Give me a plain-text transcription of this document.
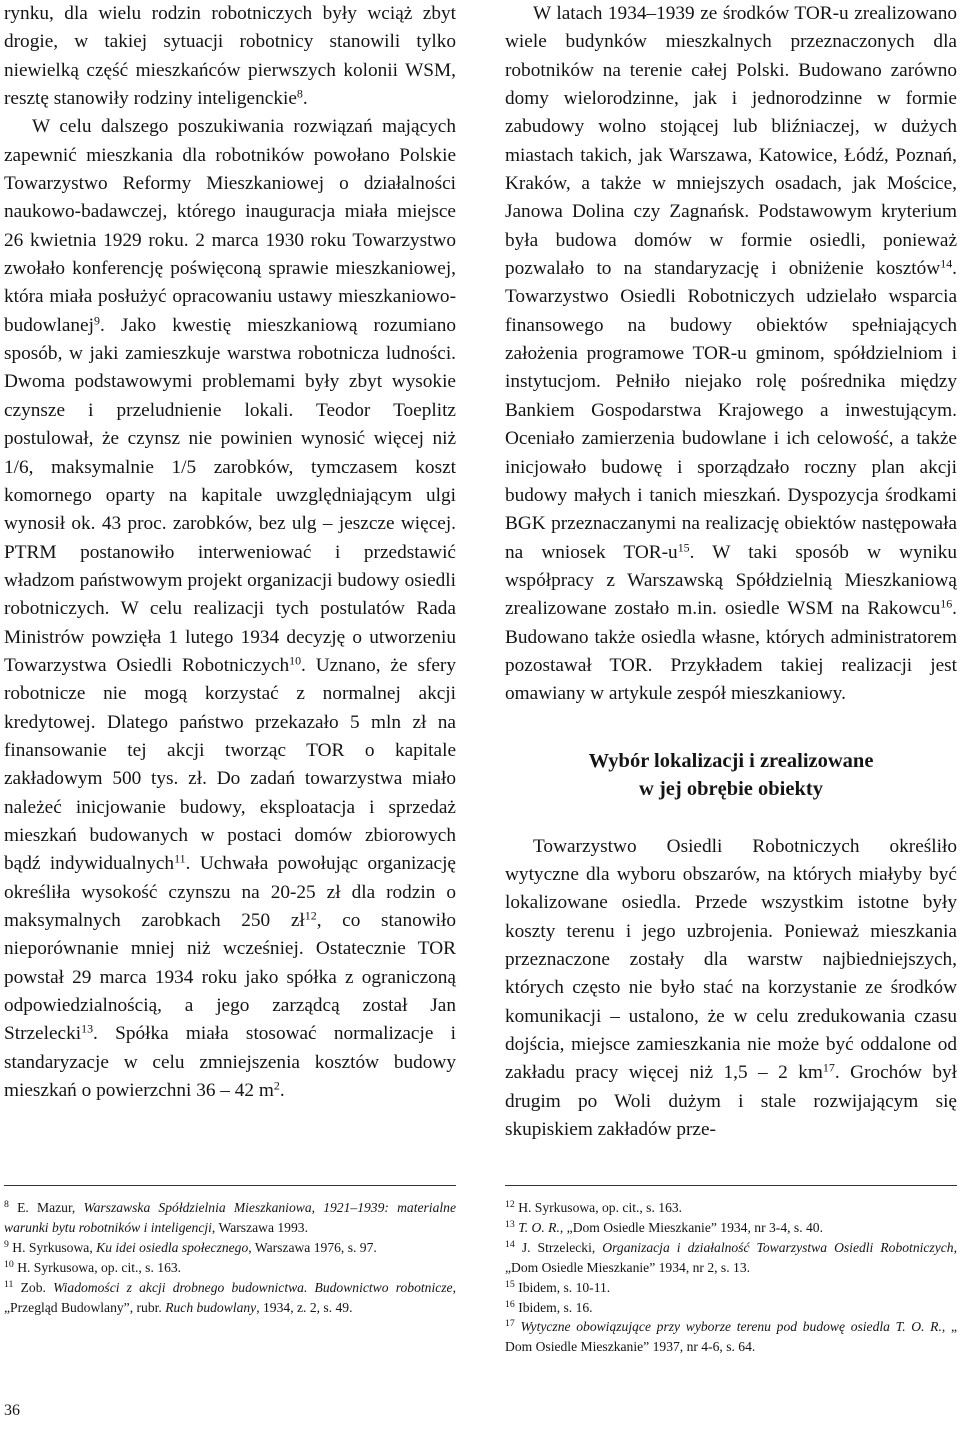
rynku, dla wielu rodzin robotniczych były wciąż zbyt drogie, w takiej sytuacji robotnicy stanowili tylko niewielką część mieszkańców pierwszych kolonii WSM, resztę stanowiły rodziny inteligenckie$^8$.

W celu dalszego poszukiwania rozwiązań mających zapewnić mieszkania dla robotników powołano Polskie Towarzystwo Reformy Mieszkaniowej o działalności naukowo-badawczej, którego inauguracja miała miejsce 26 kwietnia 1929 roku. 2 marca 1930 roku Towarzystwo zwołało konferencję poświęconą sprawie mieszkaniowej, która miała posłużyć opracowaniu ustawy mieszkaniowo-budowlanej$^9$. Jako kwestię mieszkaniową rozumiano sposób, w jaki zamieszkuje warstwa robotnicza ludności. Dwoma podstawowymi problemami były zbyt wysokie czynsze i przeludnienie lokali. Teodor Toeplitz postulował, że czynsz nie powinien wynosić więcej niż 1/6, maksymalnie 1/5 zarobków, tymczasem koszt komornego oparty na kapitale uwzględniającym ulgi wynosił ok. 43 proc. zarobków, bez ulg – jeszcze więcej. PTRM postanowiło interweniować i przedstawić władzom państwowym projekt organizacji budowy osiedli robotniczych. W celu realizacji tych postulatów Rada Ministrów powzięła 1 lutego 1934 decyzję o utworzeniu Towarzystwa Osiedli Robotniczych$^{10}$. Uznano, że sfery robotnicze nie mogą korzystać z normalnej akcji kredytowej. Dlatego państwo przekazało 5 mln zł na finansowanie tej akcji tworząc TOR o kapitale zakładowym 500 tys. zł. Do zadań towarzystwa miało należeć inicjowanie budowy, eksploatacja i sprzedaż mieszkań budowanych w postaci domów zbiorowych bądź indywidualnych$^{11}$. Uchwała powołując organizację określiła wysokość czynszu na 20-25 zł dla rodzin o maksymalnych zarobkach 250 $zł^{12}$, co stanowiło nieporównanie mniej niż wcześniej. Ostatecznie TOR powstał 29 marca 1934 roku jako spółka z ograniczoną odpowiedzialnością, a jego zarządcą został Jan Strzelecki$^{13}$. Spółka miała stosować normalizacje i standaryzacje w celu zmniejszenia kosztów budowy mieszkań o powierzchni 36 – 42 $m^2$.

W latach 1934–1939 ze środków TOR-u zrealizowano wiele budynków mieszkalnych przeznaczonych dla robotników na terenie całej Polski. Budowano zarówno domy wielorodzinne, jak i jednorodzinne w formie zabudowy wolno stojącej lub bliźniaczej, w dużych miastach takich, jak Warszawa, Katowice, Łódź, Poznań, Kraków, a także w mniejszych osadach, jak Mościce, Janowa Dolina czy Zagnańsk. Podstawowym kryterium była budowa domów w formie osiedli, ponieważ pozwalało to na standaryzację i obniżenie kosztów$^{14}$. Towarzystwo Osiedli Robotniczych udzielało wsparcia finansowego na budowy obiektów spełniających założenia programowe TOR-u gminom, spółdzielniom i instytucjom. Pełniło niejako rolę pośrednika między Bankiem Gospodarstwa Krajowego a inwestującym. Oceniało zamierzenia budowlane i ich celowość, a także inicjowało budowę i sporządzało roczny plan akcji budowy małych i tanich mieszkań. Dyspozycja środkami BGK przeznaczanymi na realizację obiektów następowała na wniosek TOR-$u^{15}$. W taki sposób w wyniku współpracy z Warszawską Spółdzielnią Mieszkaniową zrealizowane zostało m.in. osiedle WSM na Rakowcu$^{16}$. Budowano także osiedla własne, których administratorem pozostawał TOR. Przykładem takiej realizacji jest omawiany w artykule zespół mieszkaniowy.

Wybór lokalizacji i zrealizowane
w jej obrębie obiekty

Towarzystwo Osiedli Robotniczych określiło wytyczne dla wyboru obszarów, na których miałyby być lokalizowane osiedla. Przede wszystkim istotne były koszty terenu i jego uzbrojenia. Ponieważ mieszkania przeznaczone zostały dla warstw najbiedniejszych, których często nie było stać na korzystanie ze środków komunikacji – ustalono, że w celu zredukowania czasu dojścia, miejsce zamieszkania nie może być oddalone od zakładu pracy więcej niż 1,5 – 2 $km^{17}$. Grochów był drugim po Woli dużym i stale rozwijającym się skupiskiem zakładów prze-

$^8$ E. Mazur, Warszawska Spółdzielnia Mieszkaniowa, 1921–1939: materialne warunki bytu robotników i inteligencji, Warszawa 1993.

$^9$ H. Syrkusowa, Ku idei osiedla społecznego, Warszawa 1976, s. 97.

$^{10}$ H. Syrkusowa, op. cit., s. 163.

$^{11}$ Zob. Wiadomości z akcji drobnego budownictwa. Budownictwo robotnicze, „Przegląd Budowlany”, rubr. Ruch budowlany, 1934, z. 2, s. 49.

$^{12}$ H. Syrkusowa, op. cit., s. 163.

$^{13}$ T. O. R., „Dom Osiedle Mieszkanie” 1934, nr 3-4, s. 40.

$^{14}$ J. Strzelecki, Organizacja i działalność Towarzystwa Osiedli Robotniczych, „Dom Osiedle Mieszkanie” 1934, nr 2, s. 13.

$^{15}$ Ibidem, s. 10-11.

$^{16}$ Ibidem, s. 16.

$^{17}$ Wytyczne obowiązujące przy wyborze terenu pod budowę osiedla T. O. R., „ Dom Osiedle Mieszkanie” 1937, nr 4-6, s. 64.

36
